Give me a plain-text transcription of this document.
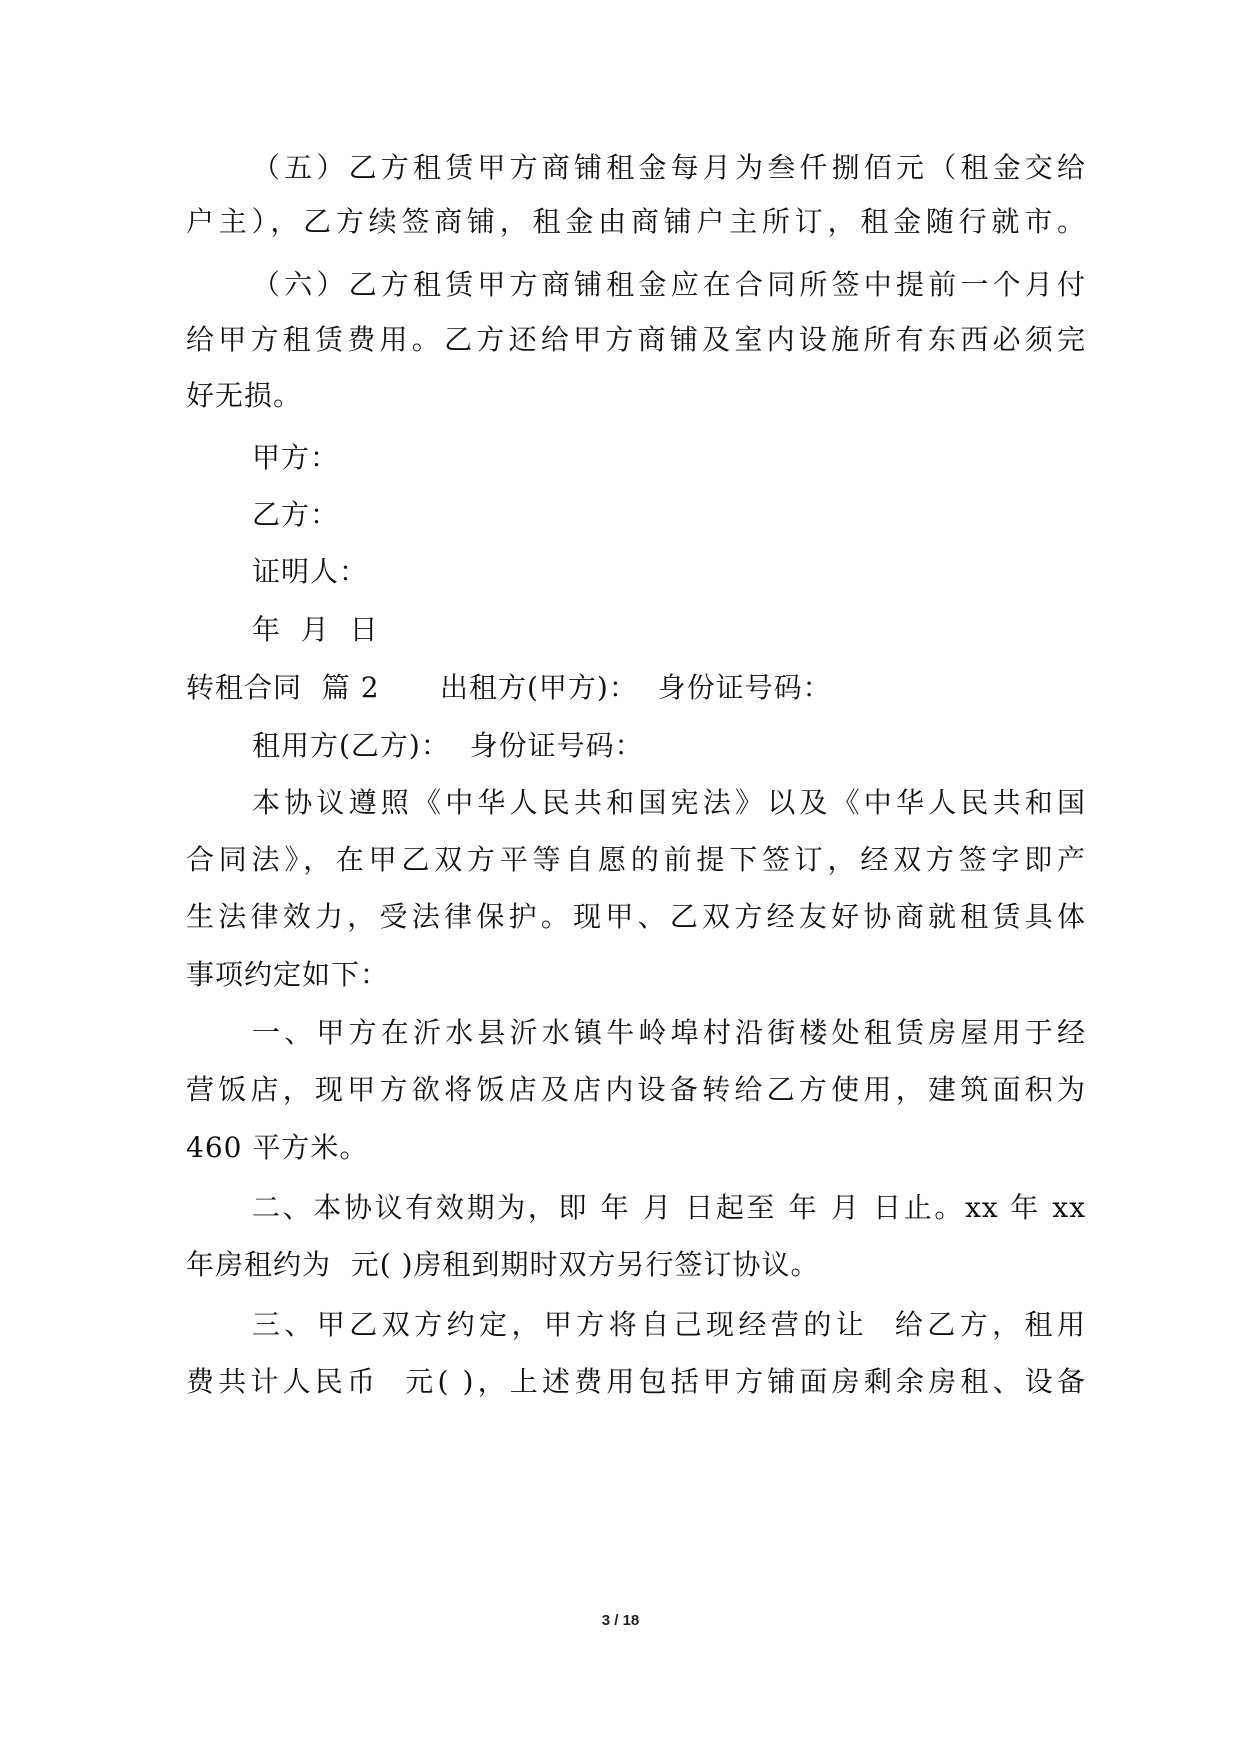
（五）乙方租赁甲方商铺租金每月为叁仟捌佰元（租金交给
户主），乙方续签商铺，租金由商铺户主所订，租金随行就市。
（六）乙方租赁甲方商铺租金应在合同所签中提前一个月付
给甲方租赁费用。乙方还给甲方商铺及室内设施所有东西必须完
好无损。
甲方：
乙方：
证明人：
年  月  日
转租合同  篇 2	出租方(甲方)：  身份证号码：
租用方(乙方)：  身份证号码：
本协议遵照《中华人民共和国宪法》以及《中华人民共和国
合同法》，在甲乙双方平等自愿的前提下签订，经双方签字即产
生法律效力，受法律保护。现甲、乙双方经友好协商就租赁具体
事项约定如下：
一、甲方在沂水县沂水镇牛岭埠村沿街楼处租赁房屋用于经
营饭店，现甲方欲将饭店及店内设备转给乙方使用，建筑面积为
460 平方米。
二、本协议有效期为，即 年 月 日起至 年 月 日止。xx 年 xx
年房租约为  元( )房租到期时双方另行签订协议。
三、甲乙双方约定，甲方将自己现经营的让  给乙方，租用
费共计人民币  元( )，上述费用包括甲方铺面房剩余房租、设备
3 / 18
